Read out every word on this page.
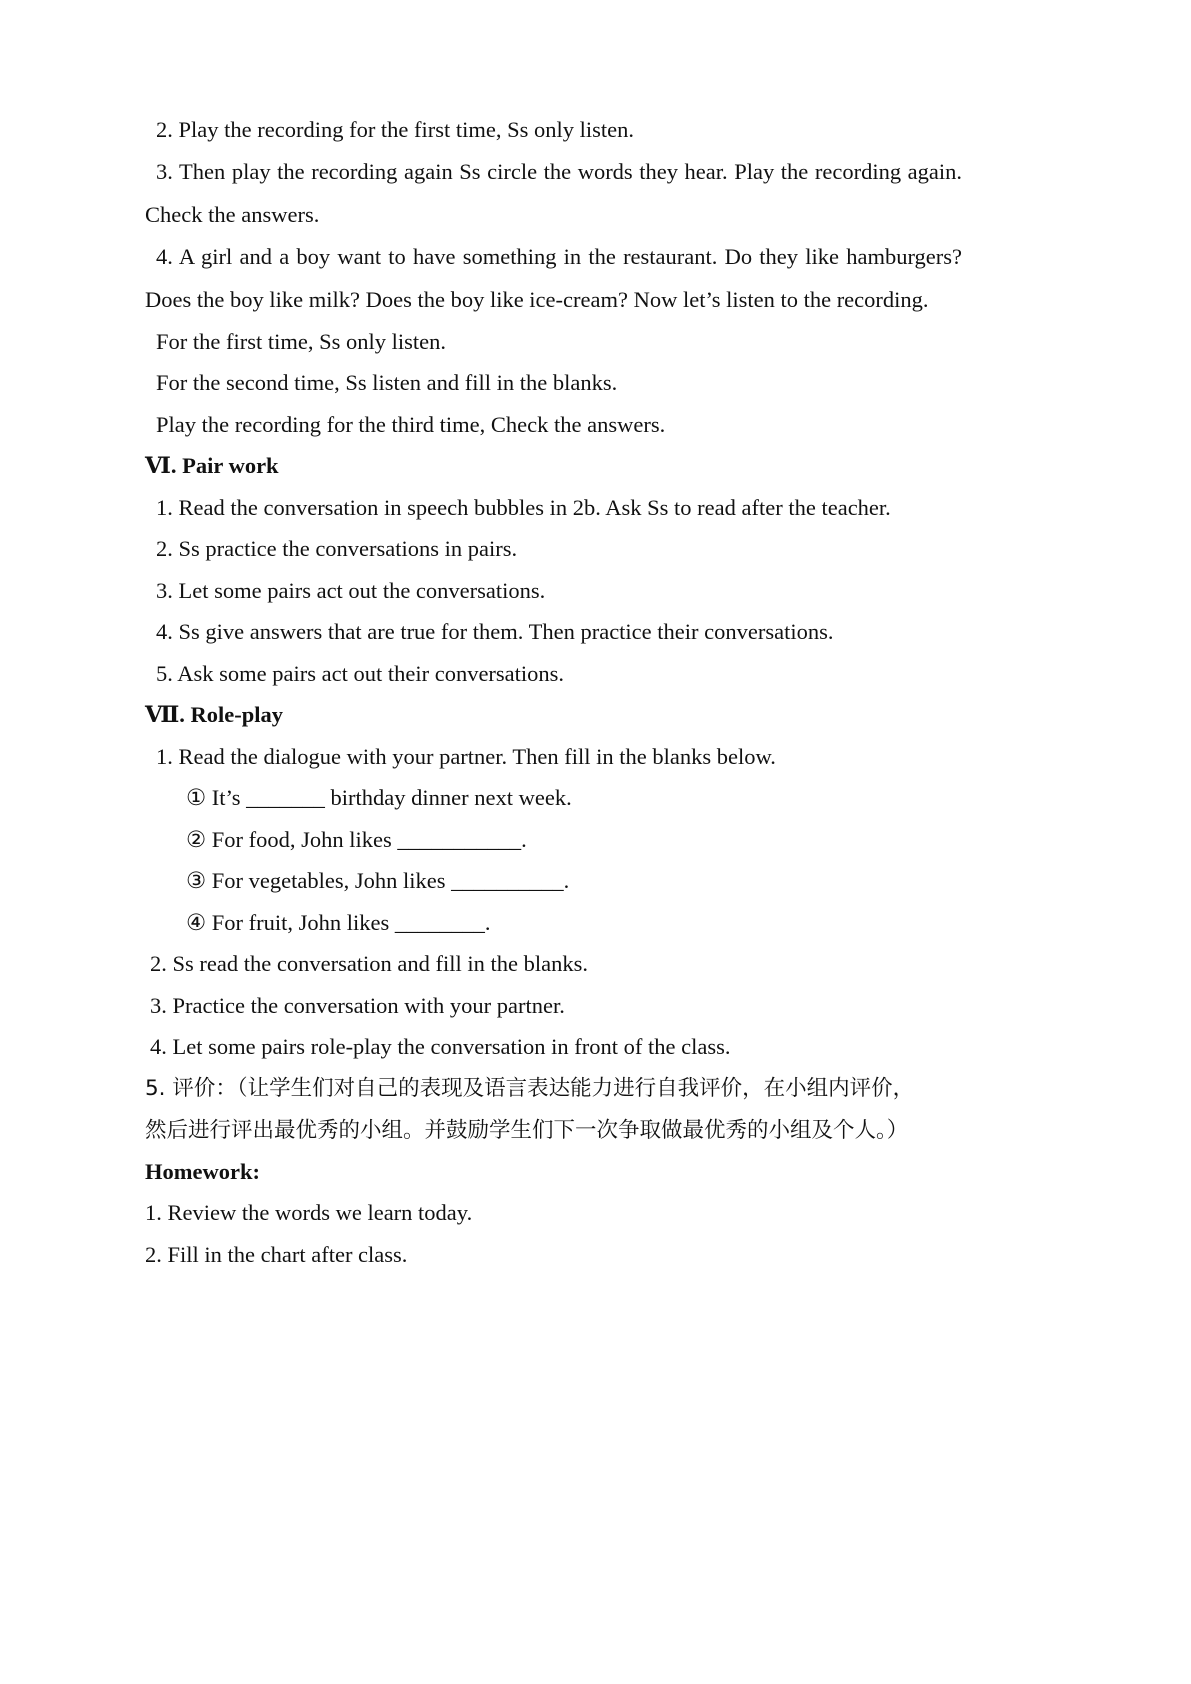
2. Play the recording for the first time, Ss only listen.

3. Then play the recording again Ss circle the words they hear. Play the recording again.

Check the answers.

4. A girl and a boy want to have something in the restaurant. Do they like hamburgers?

Does the boy like milk? Does the boy like ice-cream? Now let’s listen to the recording.

For the first time, Ss only listen.

For the second time, Ss listen and fill in the blanks.

Play the recording for the third time, Check the answers.

Ⅵ. Pair work

1. Read the conversation in speech bubbles in 2b. Ask Ss to read after the teacher.

2. Ss practice the conversations in pairs.

3. Let some pairs act out the conversations.

4. Ss give answers that are true for them. Then practice their conversations.

5. Ask some pairs act out their conversations.

Ⅶ. Role-play

1. Read the dialogue with your partner. Then fill in the blanks below.

① It’s _______ birthday dinner next week.

② For food, John likes ___________.

③ For vegetables, John likes __________.

④ For fruit, John likes ________.

2. Ss read the conversation and fill in the blanks.

3. Practice the conversation with your partner.

4. Let some pairs role-play the conversation in front of the class.

5. 评价：（让学生们对自己的表现及语言表达能力进行自我评价，在小组内评价，

然后进行评出最优秀的小组。并鼓励学生们下一次争取做最优秀的小组及个人。）

Homework:

1. Review the words we learn today.

2. Fill in the chart after class.
